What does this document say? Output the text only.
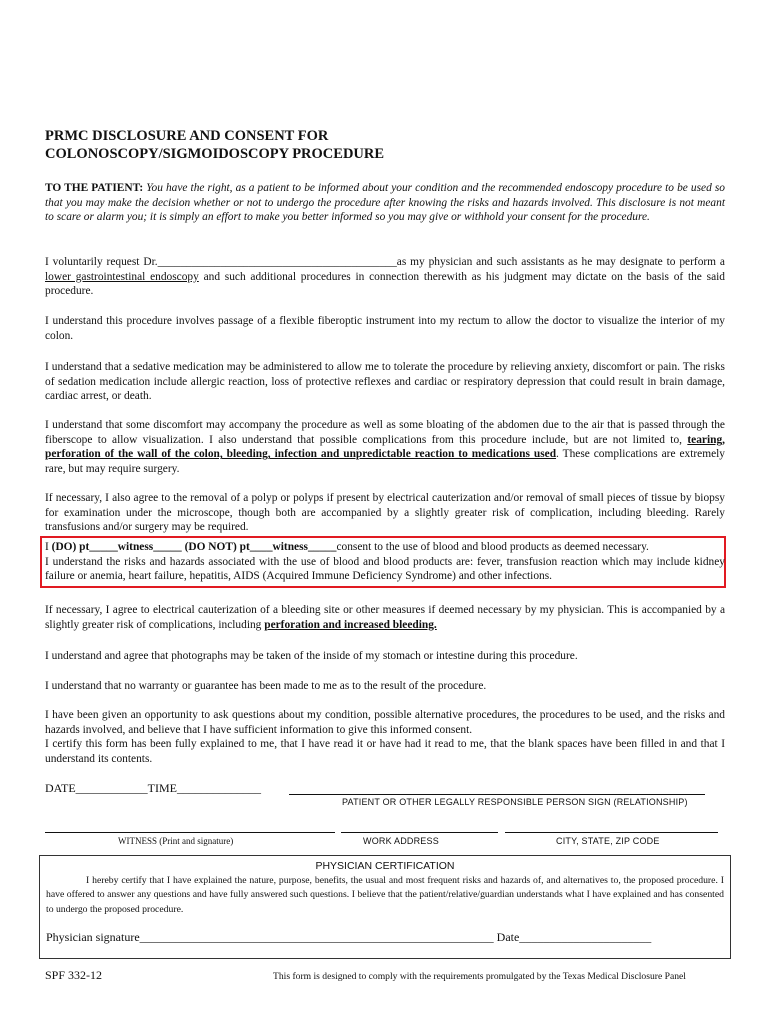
PRMC DISCLOSURE AND CONSENT FOR
COLONOSCOPY/SIGMOIDOSCOPY PROCEDURE
TO THE PATIENT: You have the right, as a patient to be informed about your condition and the recommended endoscopy procedure to be used so that you may make the decision whether or not to undergo the procedure after knowing the risks and hazards involved. This disclosure is not meant to scare or alarm you; it is simply an effort to make you better informed so you may give or withhold your consent for the procedure.
I voluntarily request Dr.__________________________________________as my physician and such assistants as he may designate to perform a lower gastrointestinal endoscopy and such additional procedures in connection therewith as his judgment may dictate on the basis of the said procedure.
I understand this procedure involves passage of a flexible fiberoptic instrument into my rectum to allow the doctor to visualize the interior of my colon.
I understand that a sedative medication may be administered to allow me to tolerate the procedure by relieving anxiety, discomfort or pain. The risks of sedation medication include allergic reaction, loss of protective reflexes and cardiac or respiratory depression that could result in brain damage, cardiac arrest, or death.
I understand that some discomfort may accompany the procedure as well as some bloating of the abdomen due to the air that is passed through the fiberscope to allow visualization. I also understand that possible complications from this procedure include, but are not limited to, tearing, perforation of the wall of the colon, bleeding, infection and unpredictable reaction to medications used. These complications are extremely rare, but may require surgery.
If necessary, I also agree to the removal of a polyp or polyps if present by electrical cauterization and/or removal of small pieces of tissue by biopsy for examination under the microscope, though both are accompanied by a slightly greater risk of complication, including bleeding. Rarely transfusions and/or surgery may be required.
I (DO) pt_____witness_____ (DO NOT) pt____witness_____consent to the use of blood and blood products as deemed necessary.
I understand the risks and hazards associated with the use of blood and blood products are: fever, transfusion reaction which may include kidney failure or anemia, heart failure, hepatitis, AIDS (Acquired Immune Deficiency Syndrome) and other infections.
If necessary, I agree to electrical cauterization of a bleeding site or other measures if deemed necessary by my physician. This is accompanied by a slightly greater risk of complications, including perforation and increased bleeding.
I understand and agree that photographs may be taken of the inside of my stomach or intestine during this procedure.
I understand that no warranty or guarantee has been made to me as to the result of the procedure.
I have been given an opportunity to ask questions about my condition, possible alternative procedures, the procedures to be used, and the risks and hazards involved, and believe that I have sufficient information to give this informed consent.
I certify this form has been fully explained to me, that I have read it or have had it read to me, that the blank spaces have been filled in and that I understand its contents.
DATE____________TIME______________
PATIENT OR OTHER LEGALLY RESPONSIBLE PERSON SIGN (RELATIONSHIP)
WITNESS (Print and signature)	WORK ADDRESS	CITY, STATE, ZIP CODE
PHYSICIAN CERTIFICATION
I hereby certify that I have explained the nature, purpose, benefits, the usual and most frequent risks and hazards of, and alternatives to, the proposed procedure. I have offered to answer any questions and have fully answered such questions. I believe that the patient/relative/guardian understands what I have explained and has consented to undergo the proposed procedure.
Physician signature___________________________________________________________ Date______________________
SPF 332-12	This form is designed to comply with the requirements promulgated by the Texas Medical Disclosure Panel
